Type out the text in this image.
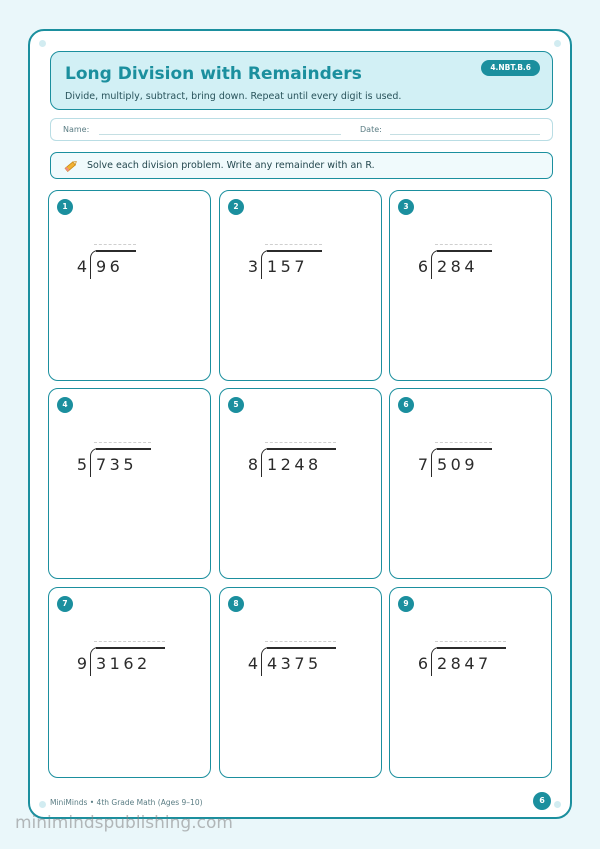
Long Division with Remainders
Divide, multiply, subtract, bring down. Repeat until every digit is used.
4.NBT.B.6
Name:	Date:
Solve each division problem. Write any remainder with an R.
1
4 96
2
3 157
3
6 284
4
5 735
5
8 1248
6
7 509
7
9 3162
8
4 4375
9
6 2847
MiniMinds • 4th Grade Math (Ages 9–10)	6
minimindspublishing.com
